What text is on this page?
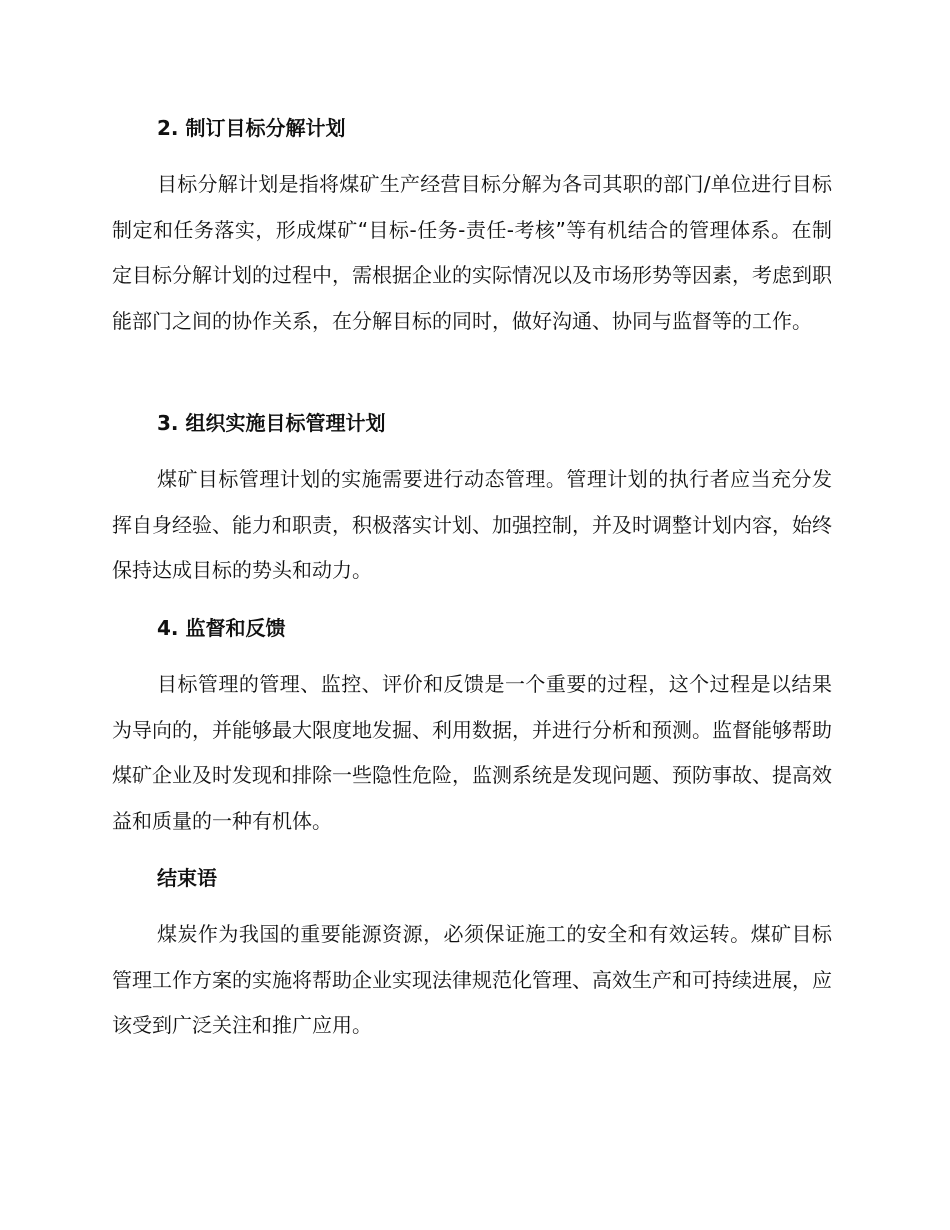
2. 制订目标分解计划

目标分解计划是指将煤矿生产经营目标分解为各司其职的部门/单位进行目标制定和任务落实，形成煤矿“目标-任务-责任-考核”等有机结合的管理体系。在制定目标分解计划的过程中，需根据企业的实际情况以及市场形势等因素，考虑到职能部门之间的协作关系，在分解目标的同时，做好沟通、协同与监督等的工作。

3. 组织实施目标管理计划

煤矿目标管理计划的实施需要进行动态管理。管理计划的执行者应当充分发挥自身经验、能力和职责，积极落实计划、加强控制，并及时调整计划内容，始终保持达成目标的势头和动力。

4. 监督和反馈

目标管理的管理、监控、评价和反馈是一个重要的过程，这个过程是以结果为导向的，并能够最大限度地发掘、利用数据，并进行分析和预测。监督能够帮助煤矿企业及时发现和排除一些隐性危险，监测系统是发现问题、预防事故、提高效益和质量的一种有机体。

结束语

煤炭作为我国的重要能源资源，必须保证施工的安全和有效运转。煤矿目标管理工作方案的实施将帮助企业实现法律规范化管理、高效生产和可持续进展，应该受到广泛关注和推广应用。
